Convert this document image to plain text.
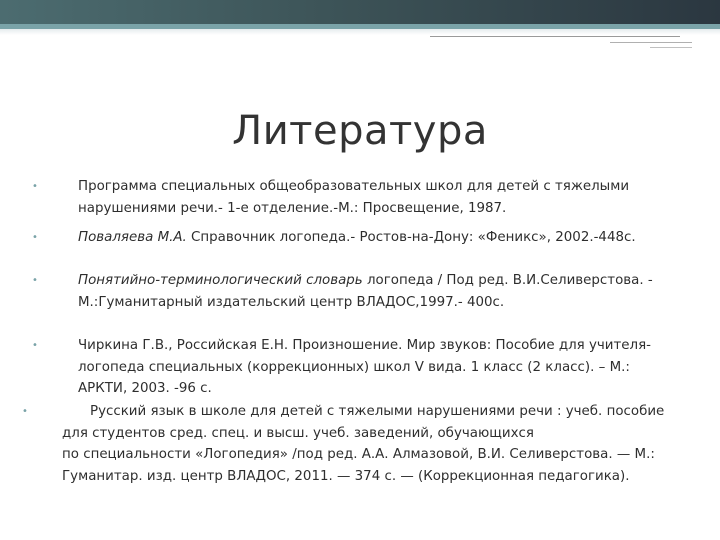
Литература
•	Программа специальных общеобразовательных школ для детей с тяжелыми нарушениями речи.- 1-е отделение.-М.: Просвещение, 1987.
•	Поваляева М.А. Справочник логопеда.- Ростов-на-Дону: «Феникс», 2002.-448с.
•	Понятийно-терминологический словарь логопеда / Под ред. В.И.Селиверстова. - М.:Гуманитарный издательский центр ВЛАДОС,1997.- 400с.
•	Чиркина Г.В., Российская Е.Н. Произношение. Мир звуков: Пособие для учителя-логопеда специальных (коррекционных) школ V вида. 1 класс (2 класс). – М.: АРКТИ, 2003. -96 с.
•	Русский язык в школе для детей с тяжелыми нарушениями речи : учеб. пособие для студентов сред. спец. и высш. учеб. заведений, обучающихся
по специальности «Логопедия» /под ред. А.А. Алмазовой, В.И. Селиверстова. — М.: Гуманитар. изд. центр ВЛАДОС, 2011. — 374 с. — (Коррекционная педагогика).
